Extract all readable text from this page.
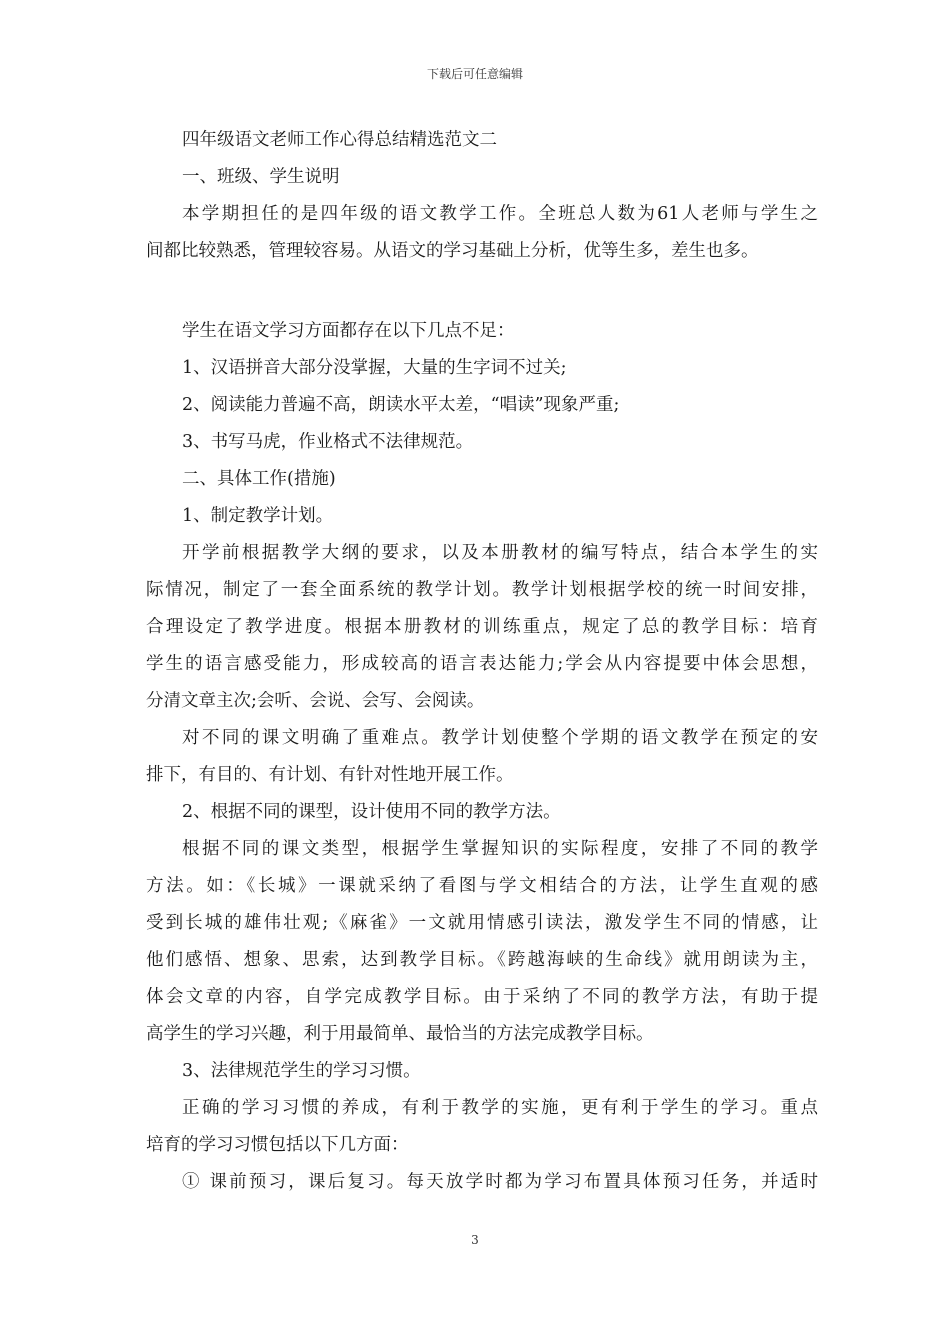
下载后可任意编辑
四年级语文老师工作心得总结精选范文二
一、班级、学生说明
本学期担任的是四年级的语文教学工作。全班总人数为61人老师与学生之
间都比较熟悉，管理较容易。从语文的学习基础上分析，优等生多，差生也多。
学生在语文学习方面都存在以下几点不足：
1、汉语拼音大部分没掌握，大量的生字词不过关;
2、阅读能力普遍不高，朗读水平太差，“唱读”现象严重;
3、书写马虎，作业格式不法律规范。
二、具体工作(措施)
1、制定教学计划。
开学前根据教学大纲的要求，以及本册教材的编写特点，结合本学生的实
际情况，制定了一套全面系统的教学计划。教学计划根据学校的统一时间安排，
合理设定了教学进度。根据本册教材的训练重点，规定了总的教学目标：培育
学生的语言感受能力，形成较高的语言表达能力;学会从内容提要中体会思想，
分清文章主次;会听、会说、会写、会阅读。
对不同的课文明确了重难点。教学计划使整个学期的语文教学在预定的安
排下，有目的、有计划、有针对性地开展工作。
2、根据不同的课型，设计使用不同的教学方法。
根据不同的课文类型，根据学生掌握知识的实际程度，安排了不同的教学
方法。如：《长城》一课就采纳了看图与学文相结合的方法，让学生直观的感
受到长城的雄伟壮观;《麻雀》一文就用情感引读法，激发学生不同的情感，让
他们感悟、想象、思索，达到教学目标。《跨越海峡的生命线》就用朗读为主，
体会文章的内容，自学完成教学目标。由于采纳了不同的教学方法，有助于提
高学生的学习兴趣，利于用最简单、最恰当的方法完成教学目标。
3、法律规范学生的学习习惯。
正确的学习习惯的养成，有利于教学的实施，更有利于学生的学习。重点
培育的学习习惯包括以下几方面：
① 课前预习，课后复习。每天放学时都为学习布置具体预习任务，并适时
3
